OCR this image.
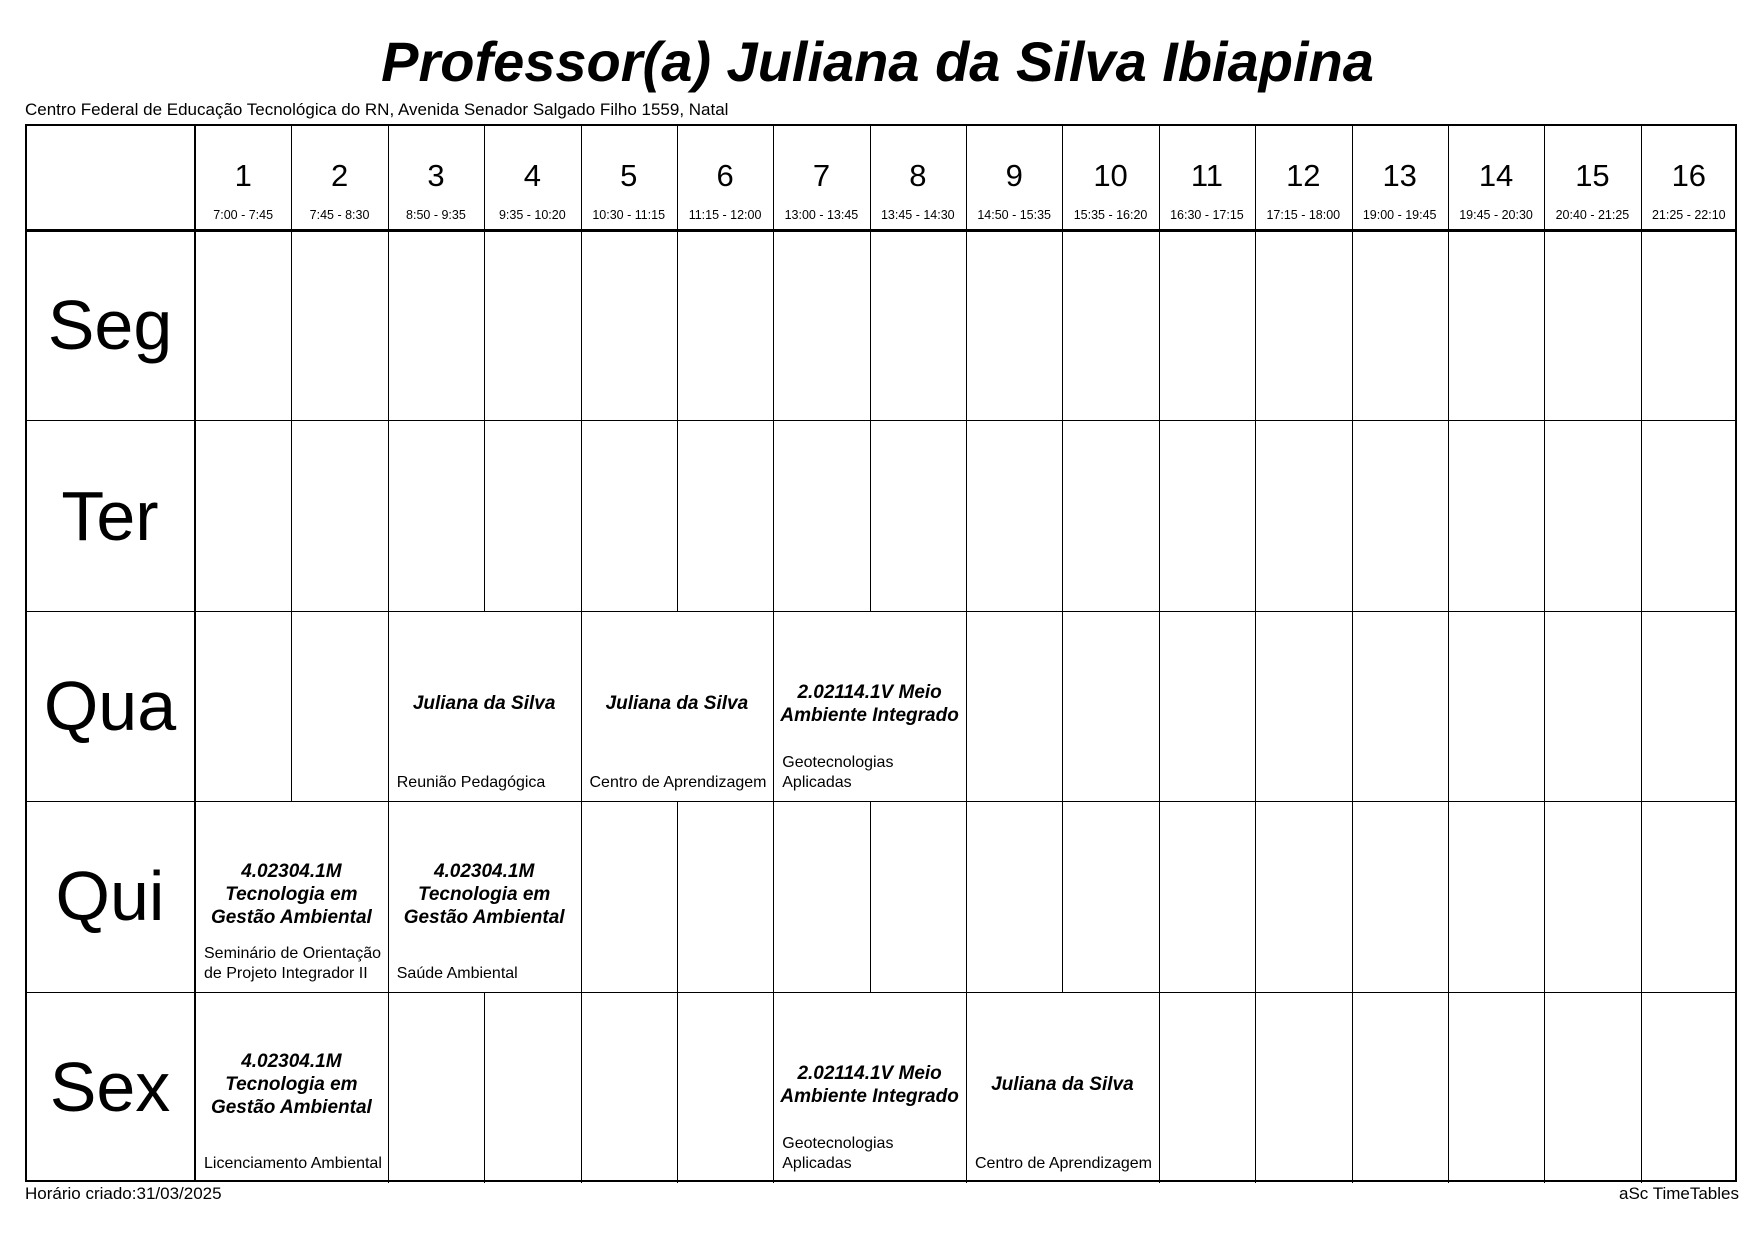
Professor(a) Juliana da Silva Ibiapina
Centro Federal de Educação Tecnológica do RN, Avenida Senador Salgado Filho 1559, Natal
1
7:00 - 7:45
2
7:45 - 8:30
3
8:50 - 9:35
4
9:35 - 10:20
5
10:30 - 11:15
6
11:15 - 12:00
7
13:00 - 13:45
8
13:45 - 14:30
9
14:50 - 15:35
10
15:35 - 16:20
11
16:30 - 17:15
12
17:15 - 18:00
13
19:00 - 19:45
14
19:45 - 20:30
15
20:40 - 21:25
16
21:25 - 22:10
Seg
Ter
Qua
Qui
Sex
Juliana da Silva
Reunião Pedagógica
Juliana da Silva
Centro de Aprendizagem
2.02114.1V Meio Ambiente Integrado
Geotecnologias Aplicadas
4.02304.1M Tecnologia em Gestão Ambiental
Seminário de Orientação de Projeto Integrador II
4.02304.1M Tecnologia em Gestão Ambiental
Saúde Ambiental
4.02304.1M Tecnologia em Gestão Ambiental
Licenciamento Ambiental
2.02114.1V Meio Ambiente Integrado
Geotecnologias Aplicadas
Juliana da Silva
Centro de Aprendizagem
Horário criado:31/03/2025	aSc TimeTables
